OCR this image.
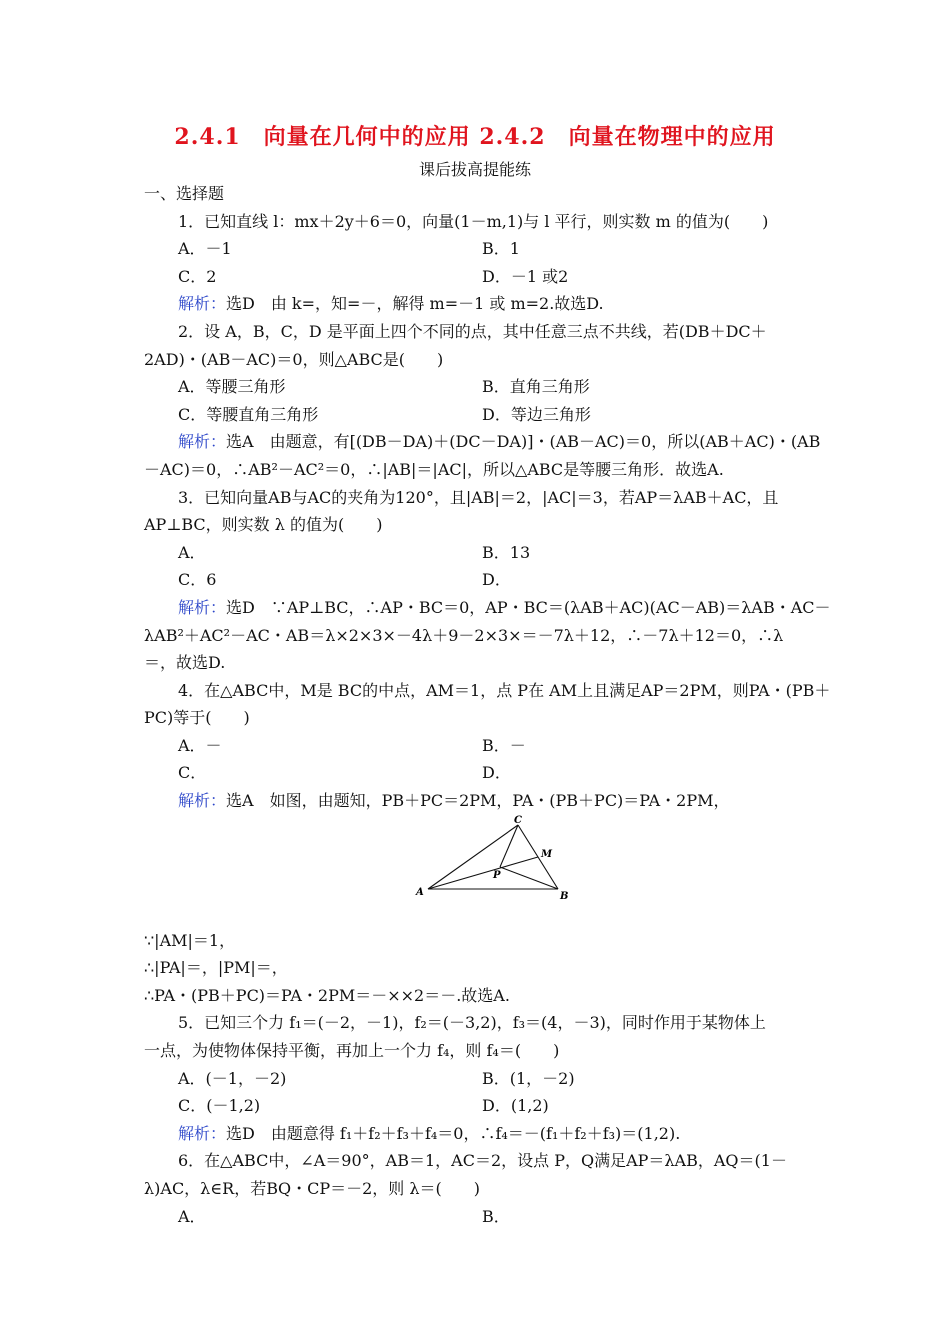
2.4.1　向量在几何中的应用 2.4.2　向量在物理中的应用
课后拔高提能练
一、选择题
1．已知直线 l：mx＋2y＋6＝0，向量(1－m,1)与 l 平行，则实数 m 的值为(　　)
A．－1	B．1
C．2	D．－1 或2
解析：选D　由 k=，知=－，解得 m=－1 或 m=2.故选D.
2．设 A，B，C，D 是平面上四个不同的点，其中任意三点不共线，若(DB＋DC＋
2AD)・(AB－AC)＝0，则△ABC是(　　)
A．等腰三角形	B．直角三角形
C．等腰直角三角形	D．等边三角形
解析：选A　由题意，有[(DB－DA)＋(DC－DA)]・(AB－AC)＝0，所以(AB＋AC)・(AB
－AC)＝0，∴AB²－AC²＝0，∴|AB|＝|AC|，所以△ABC是等腰三角形．故选A.
3．已知向量AB与AC的夹角为120°，且|AB|＝2，|AC|＝3，若AP＝λAB＋AC，且
AP⊥BC，则实数 λ 的值为(　　)
A．	B．13
C．6	D．
解析：选D　∵AP⊥BC，∴AP・BC＝0，AP・BC＝(λAB＋AC)(AC－AB)＝λAB・AC－
λAB²＋AC²－AC・AB＝λ×2×3×－4λ＋9－2×3×＝－7λ＋12，∴－7λ＋12＝0，∴λ
＝，故选D.
4．在△ABC中，M是 BC的中点，AM＝1，点 P在 AM上且满足AP＝2PM，则PA・(PB＋
PC)等于(　　)
A．－	B．－
C．	D．
解析：选A　如图，由题知，PB＋PC＝2PM，PA・(PB＋PC)＝PA・2PM，
A	B
C
M
P
∵|AM|＝1，
∴|PA|＝，|PM|＝，
∴PA・(PB＋PC)＝PA・2PM＝－××2＝－.故选A.
5．已知三个力 f₁＝(－2，－1)，f₂＝(－3,2)，f₃＝(4，－3)，同时作用于某物体上
一点，为使物体保持平衡，再加上一个力 f₄，则 f₄＝(　　)
A．(－1，－2)	B．(1，－2)
C．(－1,2)	D．(1,2)
解析：选D　由题意得 f₁＋f₂＋f₃＋f₄＝0，∴f₄＝－(f₁＋f₂＋f₃)＝(1,2).
6．在△ABC中，∠A＝90°，AB＝1，AC＝2，设点 P，Q满足AP＝λAB，AQ＝(1－
λ)AC，λ∈R，若BQ・CP＝－2，则 λ＝(　　)
A．	B．
